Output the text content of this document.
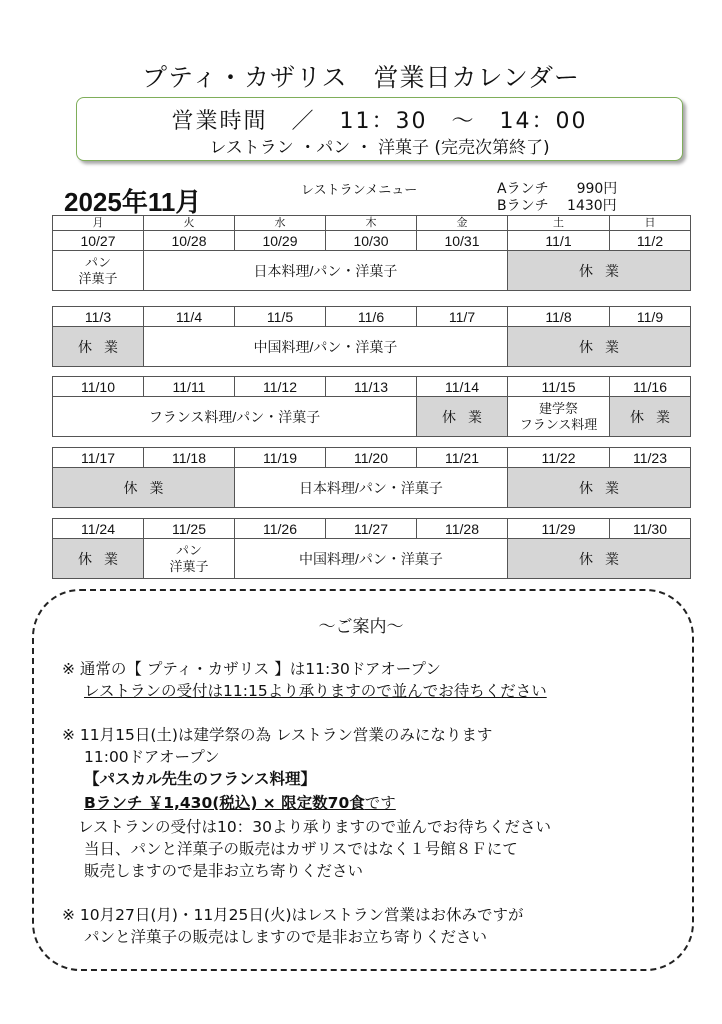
プティ・カザリス　営業日カレンダー
営業時間　／　11：30　～　14：00
レストラン ・パン ・ 洋菓子 (完売次第終了)
2025年11月	レストランメニュー	Aランチ　　990円
Bランチ　 1430円
月	火	水	木	金	土	日
10/27	10/28	10/29	10/30	10/31	11/1	11/2
パン
洋菓子	日本料理/パン・洋菓子				休業	
11/3	11/4	11/5	11/6	11/7	11/8	11/9
休業	中国料理/パン・洋菓子				休業	
11/10	11/11	11/12	11/13	11/14	11/15	11/16
フランス料理/パン・洋菓子				休業	建学祭
フランス料理	休業
11/17	11/18	11/19	11/20	11/21	11/22	11/23
休業		日本料理/パン・洋菓子			休業	
11/24	11/25	11/26	11/27	11/28	11/29	11/30
休業	パン
洋菓子	中国料理/パン・洋菓子			休業	
～ご案内～
※ 通常の【 プティ・カザリス 】は11:30ドアオープン
レストランの受付は11:15より承りますので並んでお待ちください
※ 11月15日(土)は建学祭の為 レストラン営業のみになります
11:00ドアオープン
【パスカル先生のフランス料理】
Bランチ ￥1,430(税込) × 限定数70食です
レストランの受付は10：30より承りますので並んでお待ちください
当日、パンと洋菓子の販売はカザリスではなく１号館８Ｆにて
販売しますので是非お立ち寄りください
※ 10月27日(月)・11月25日(火)はレストラン営業はお休みですが
パンと洋菓子の販売はしますので是非お立ち寄りください
